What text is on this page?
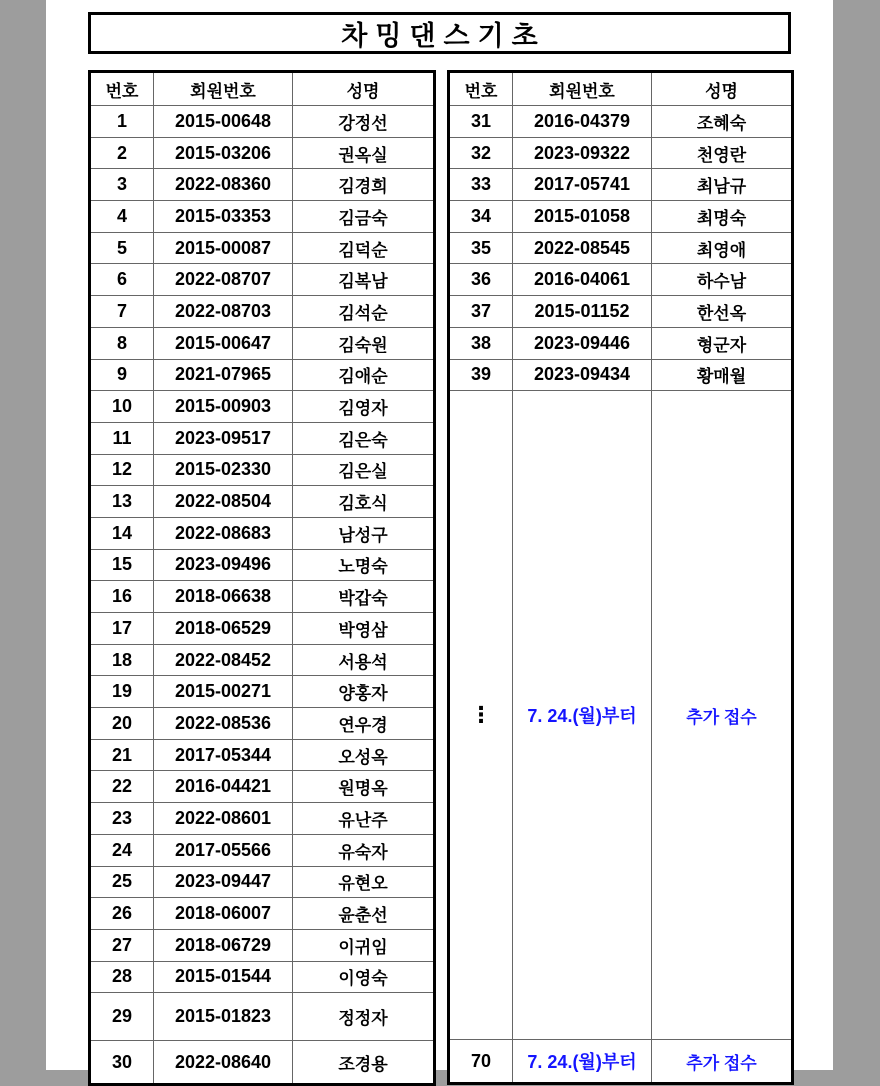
차밍댄스기초
번호	회원번호	성명
1	2015-00648	강정선
2	2015-03206	권옥실
3	2022-08360	김경희
4	2015-03353	김금숙
5	2015-00087	김덕순
6	2022-08707	김복남
7	2022-08703	김석순
8	2015-00647	김숙원
9	2021-07965	김애순
10	2015-00903	김영자
11	2023-09517	김은숙
12	2015-02330	김은실
13	2022-08504	김호식
14	2022-08683	남성구
15	2023-09496	노명숙
16	2018-06638	박갑숙
17	2018-06529	박영삼
18	2022-08452	서용석
19	2015-00271	양홍자
20	2022-08536	연우경
21	2017-05344	오성옥
22	2016-04421	원명옥
23	2022-08601	유난주
24	2017-05566	유숙자
25	2023-09447	유현오
26	2018-06007	윤춘선
27	2018-06729	이귀임
28	2015-01544	이영숙
29	2015-01823	정정자
30	2022-08640	조경용
번호	회원번호	성명
31	2016-04379	조혜숙
32	2023-09322	천영란
33	2017-05741	최남규
34	2015-01058	최명숙
35	2022-08545	최영애
36	2016-04061	하수남
37	2015-01152	한선옥
38	2023-09446	형군자
39	2023-09434	황매월
⋮	7. 24.(월)부터	추가 접수
70	7. 24.(월)부터	추가 접수
